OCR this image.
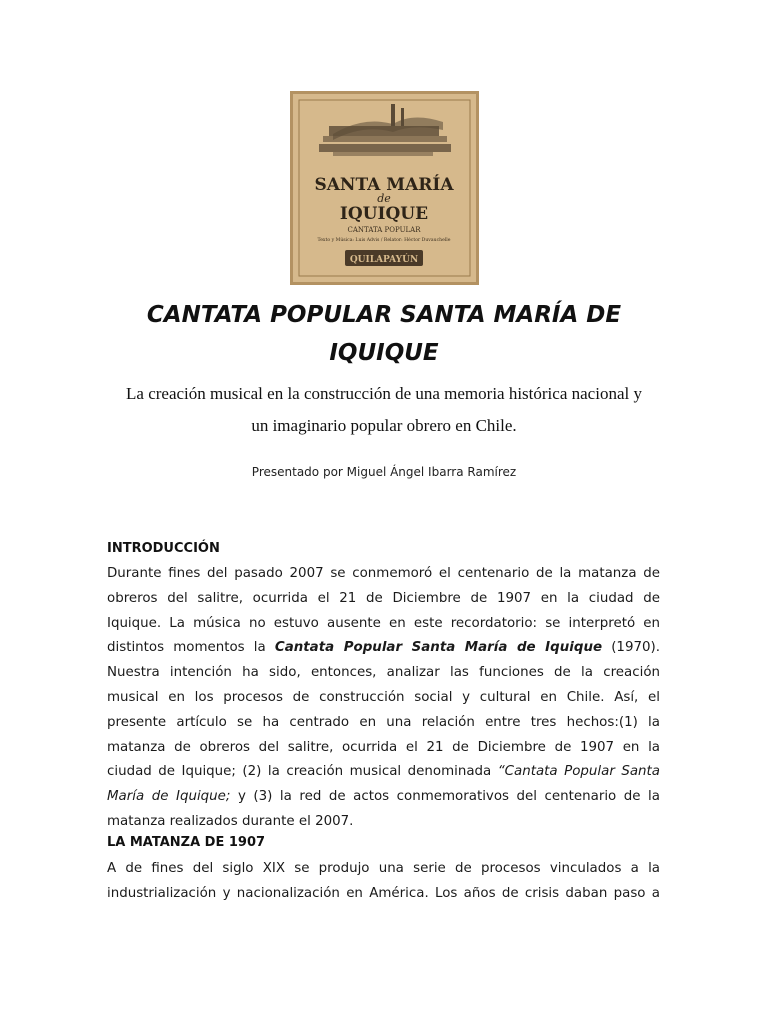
SANTA MARÍA
de
IQUIQUE
CANTATA POPULAR
Texto y Música: Luis Advis / Relator: Héctor Duvauchelle
QUILAPAYÚN
CANTATA POPULAR SANTA MARÍA DE
IQUIQUE
La creación musical en la construcción de una memoria histórica nacional y
un imaginario popular obrero en Chile.
Presentado por Miguel Ángel Ibarra Ramírez
INTRODUCCIÓN
Durante fines del pasado 2007 se conmemoró el centenario de la matanza de
obreros del salitre, ocurrida el 21 de Diciembre de 1907 en la ciudad de
Iquique. La música no estuvo ausente en este recordatorio: se interpretó en
distintos momentos la Cantata Popular Santa María de Iquique (1970).
Nuestra intención ha sido, entonces, analizar las funciones de la creación
musical en los procesos de construcción social y cultural en Chile. Así, el
presente artículo se ha centrado en una relación entre tres hechos:(1) la
matanza de obreros del salitre, ocurrida el 21 de Diciembre de 1907 en la
ciudad de Iquique; (2) la creación musical denominada “Cantata Popular Santa
María de Iquique; y (3) la red de actos conmemorativos del centenario de la
matanza realizados durante el 2007.
LA MATANZA DE 1907
A de fines del siglo XIX se produjo una serie de procesos vinculados a la
industrialización y nacionalización en América. Los años de crisis daban paso a
